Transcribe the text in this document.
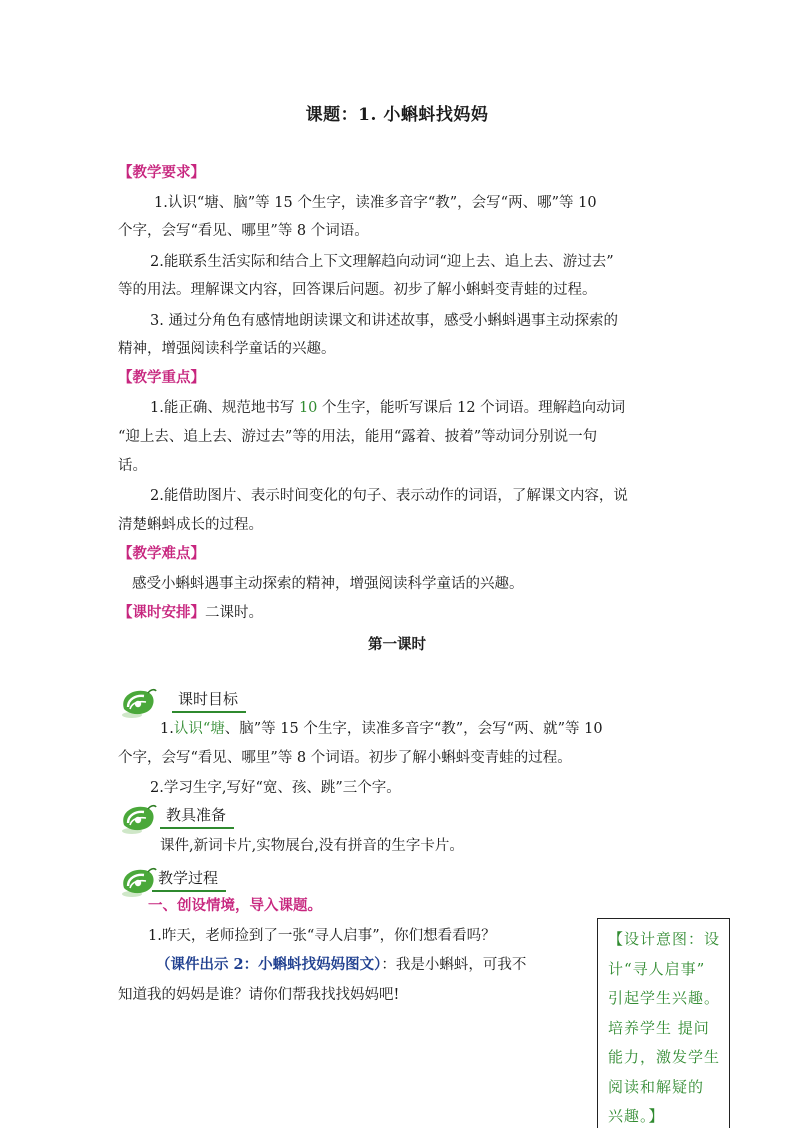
课题：1. 小蝌蚪找妈妈
【教学要求】
1.认识“塘、脑”等 15 个生字，读准多音字“教”，会写“两、哪”等 10
个字，会写“看见、哪里”等 8 个词语。
2.能联系生活实际和结合上下文理解趋向动词“迎上去、追上去、游过去”
等的用法。理解课文内容，回答课后问题。初步了解小蝌蚪变青蛙的过程。
3. 通过分角色有感情地朗读课文和讲述故事，感受小蝌蚪遇事主动探索的
精神，增强阅读科学童话的兴趣。
【教学重点】
1.能正确、规范地书写 10 个生字，能听写课后 12 个词语。理解趋向动词
“迎上去、追上去、游过去”等的用法，能用“露着、披着”等动词分别说一句
话。
2.能借助图片、表示时间变化的句子、表示动作的词语，了解课文内容，说
清楚蝌蚪成长的过程。
【教学难点】
感受小蝌蚪遇事主动探索的精神，增强阅读科学童话的兴趣。
【课时安排】二课时。
第一课时
课时目标
1.认识“塘、脑”等 15 个生字，读准多音字“教”，会写“两、就”等 10
个字，会写“看见、哪里”等 8 个词语。初步了解小蝌蚪变青蛙的过程。
2.学习生字,写好“宽、孩、跳”三个字。
教具准备
课件,新词卡片,实物展台,没有拼音的生字卡片。
教学过程
一、创设情境，导入课题。
1.昨天，老师捡到了一张“寻人启事”，你们想看看吗？
（课件出示 2：小蝌蚪找妈妈图文）：我是小蝌蚪，可我不
知道我的妈妈是谁？请你们帮我找找妈妈吧!
【设计意图：设
计“寻人启事”
引起学生兴趣。
培养学生 提问
能力，激发学生
阅读和解疑的
兴趣。】
